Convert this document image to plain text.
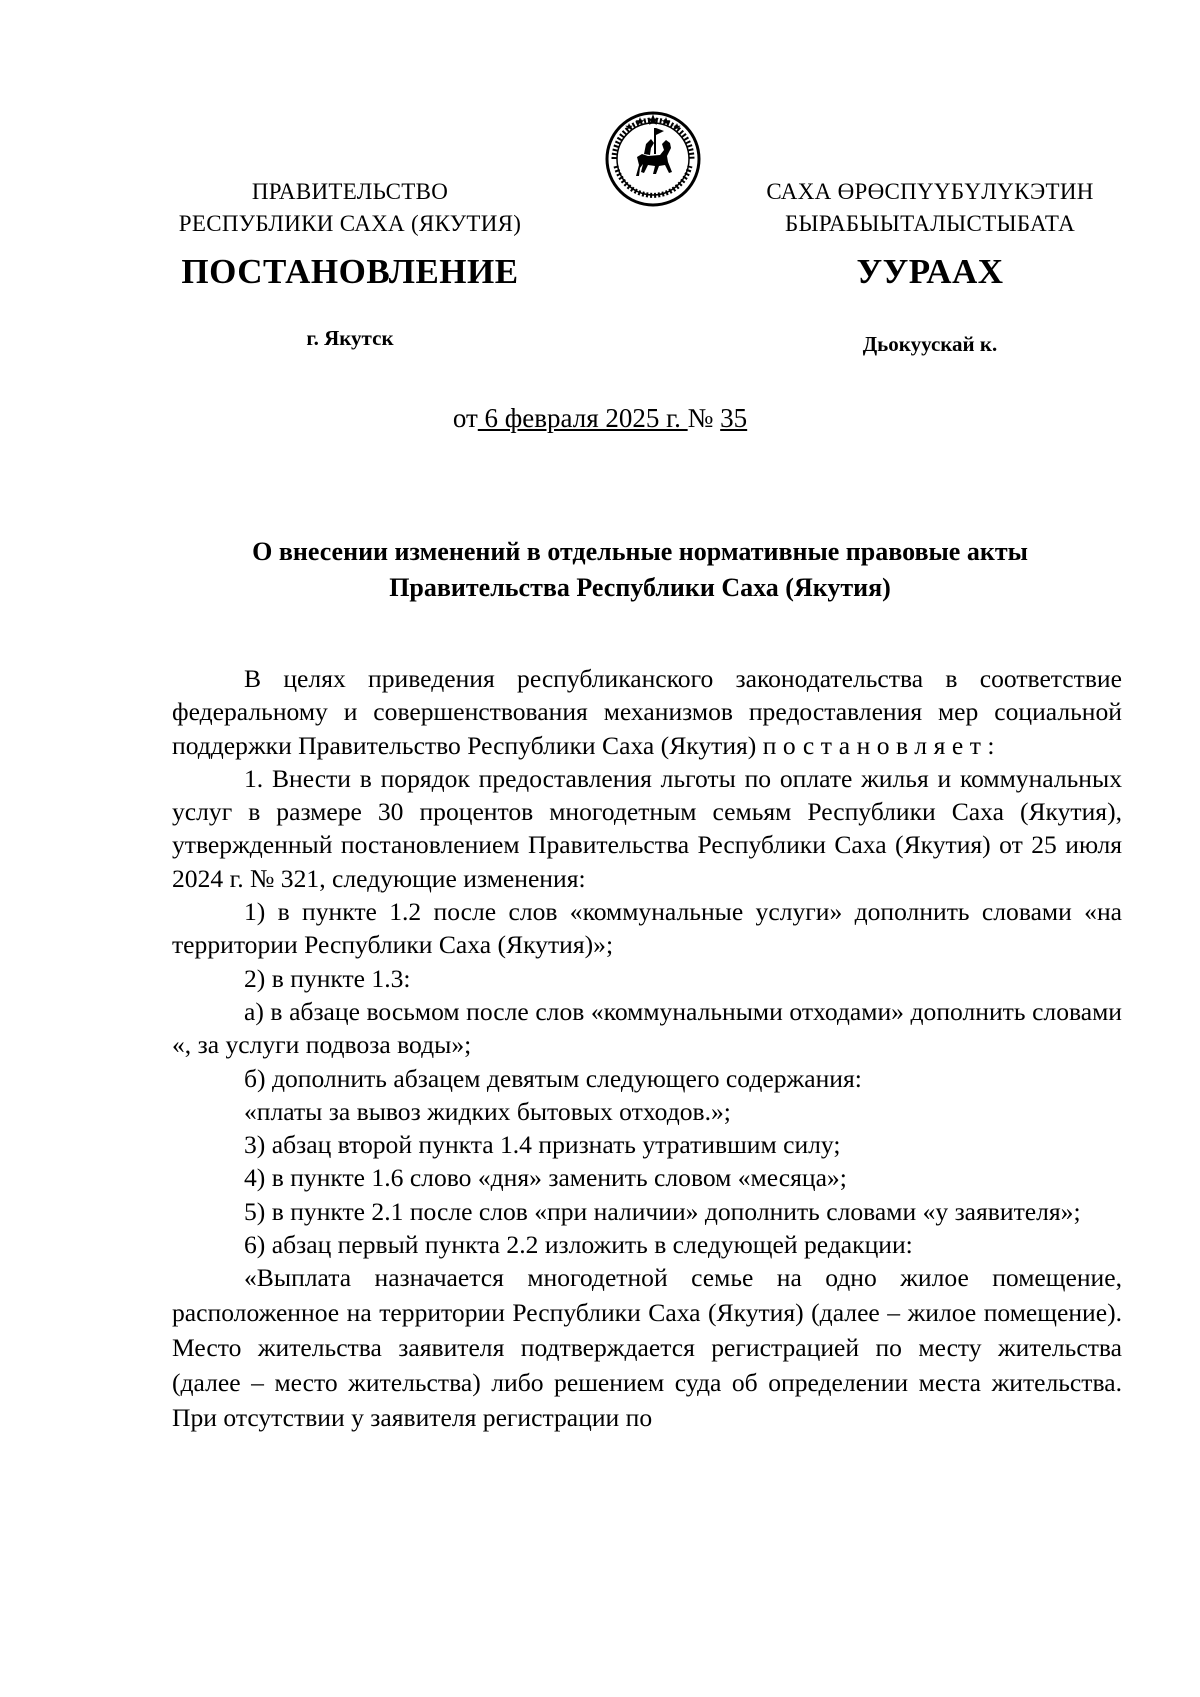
ПРАВИТЕЛЬСТВО
РЕСПУБЛИКИ САХА (ЯКУТИЯ)
САХА ӨРӨСПҮҮБҮЛҮКЭТИН
БЫРАБЫЫТАЛЫСТЫБАТА
ПОСТАНОВЛЕНИЕ	УУРААХ
г. Якутск	Дьокуускай к.
от 6 февраля 2025 г. № 35
О внесении изменений в отдельные нормативные правовые акты
Правительства Республики Саха (Якутия)

В целях приведения республиканского законодательства в соответствие федеральному и совершенствования механизмов предоставления мер социальной поддержки Правительство Республики Саха (Якутия) постановляет:

1. Внести в порядок предоставления льготы по оплате жилья и коммунальных услуг в размере 30 процентов многодетным семьям Республики Саха (Якутия), утвержденный постановлением Правительства Республики Саха (Якутия) от 25 июля 2024 г. № 321, следующие изменения:

1) в пункте 1.2 после слов «коммунальные услуги» дополнить словами «на территории Республики Саха (Якутия)»;

2) в пункте 1.3:

а) в абзаце восьмом после слов «коммунальными отходами» дополнить словами «, за услуги подвоза воды»;

б) дополнить абзацем девятым следующего содержания:

«платы за вывоз жидких бытовых отходов.»;

3) абзац второй пункта 1.4 признать утратившим силу;

4) в пункте 1.6 слово «дня» заменить словом «месяца»;

5) в пункте 2.1 после слов «при наличии» дополнить словами «у заявителя»;

6) абзац первый пункта 2.2 изложить в следующей редакции:

«Выплата назначается многодетной семье на одно жилое помещение, расположенное на территории Республики Саха (Якутия) (далее – жилое помещение). Место жительства заявителя подтверждается регистрацией по месту жительства (далее – место жительства) либо решением суда об определении места жительства. При отсутствии у заявителя регистрации по
